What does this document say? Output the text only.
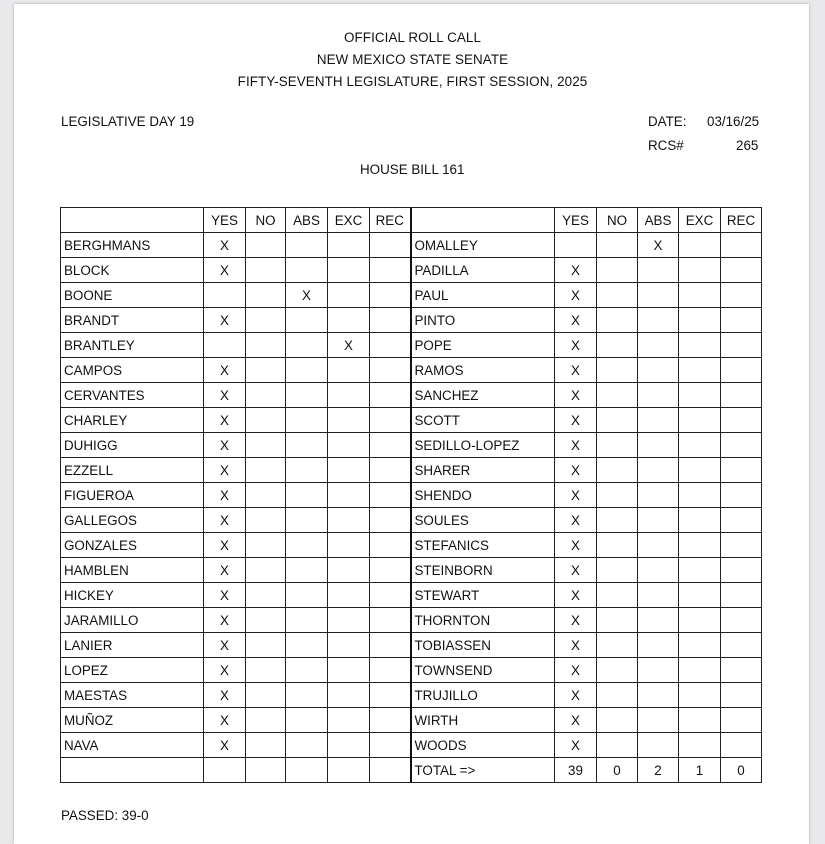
OFFICIAL ROLL CALL
NEW MEXICO STATE SENATE
FIFTY-SEVENTH LEGISLATURE, FIRST SESSION, 2025
LEGISLATIVE DAY 19	DATE: 03/16/25
RCS#	265
HOUSE BILL 161
	YES	NO	ABS	EXC	REC		YES	NO	ABS	EXC	REC
BERGHMANS	X					OMALLEY			X		
BLOCK	X					PADILLA	X				
BOONE			X			PAUL	X				
BRANDT	X					PINTO	X				
BRANTLEY				X		POPE	X				
CAMPOS	X					RAMOS	X				
CERVANTES	X					SANCHEZ	X				
CHARLEY	X					SCOTT	X				
DUHIGG	X					SEDILLO-LOPEZ	X				
EZZELL	X					SHARER	X				
FIGUEROA	X					SHENDO	X				
GALLEGOS	X					SOULES	X				
GONZALES	X					STEFANICS	X				
HAMBLEN	X					STEINBORN	X				
HICKEY	X					STEWART	X				
JARAMILLO	X					THORNTON	X				
LANIER	X					TOBIASSEN	X				
LOPEZ	X					TOWNSEND	X				
MAESTAS	X					TRUJILLO	X				
MUÑOZ	X					WIRTH	X				
NAVA	X					WOODS	X				
						TOTAL =>	39	0	2	1	0
PASSED: 39-0
